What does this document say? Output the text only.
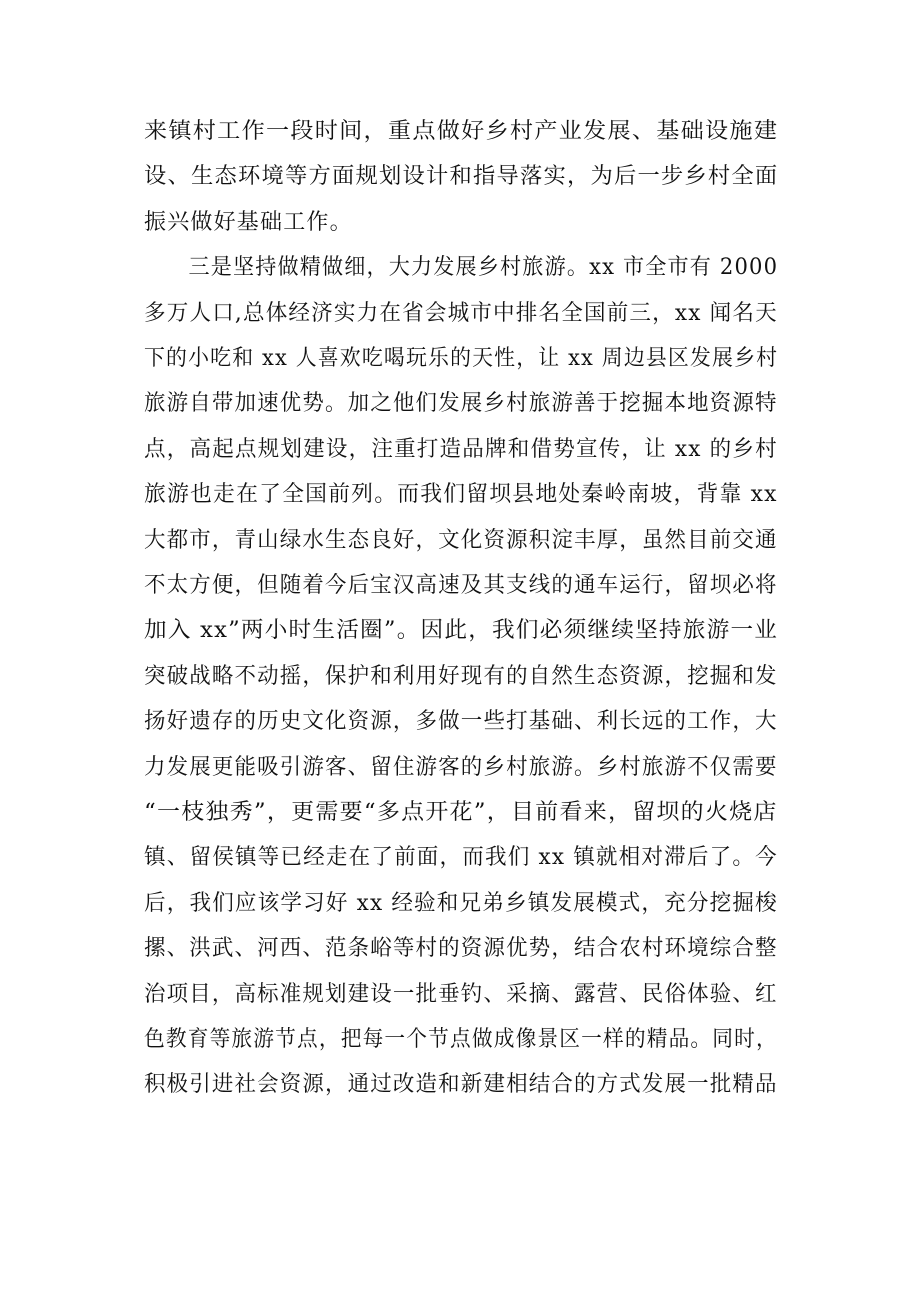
来镇村工作一段时间，重点做好乡村产业发展、基础设施建
设、生态环境等方面规划设计和指导落实，为后一步乡村全面
振兴做好基础工作。
　　三是坚持做精做细，大力发展乡村旅游。xx 市全市有 2000
多万人口,总体经济实力在省会城市中排名全国前三，xx 闻名天
下的小吃和 xx 人喜欢吃喝玩乐的天性，让 xx 周边县区发展乡村
旅游自带加速优势。加之他们发展乡村旅游善于挖掘本地资源特
点，高起点规划建设，注重打造品牌和借势宣传，让 xx 的乡村
旅游也走在了全国前列。而我们留坝县地处秦岭南坡，背靠 xx
大都市，青山绿水生态良好，文化资源积淀丰厚，虽然目前交通
不太方便，但随着今后宝汉高速及其支线的通车运行，留坝必将
加入 xx”两小时生活圈”。因此，我们必须继续坚持旅游一业
突破战略不动摇，保护和利用好现有的自然生态资源，挖掘和发
扬好遗存的历史文化资源，多做一些打基础、利长远的工作，大
力发展更能吸引游客、留住游客的乡村旅游。乡村旅游不仅需要
“一枝独秀”，更需要“多点开花”，目前看来，留坝的火烧店
镇、留侯镇等已经走在了前面，而我们 xx 镇就相对滞后了。今
后，我们应该学习好 xx 经验和兄弟乡镇发展模式，充分挖掘梭
摞、洪武、河西、范条峪等村的资源优势，结合农村环境综合整
治项目，高标准规划建设一批垂钓、采摘、露营、民俗体验、红
色教育等旅游节点，把每一个节点做成像景区一样的精品。同时，
积极引进社会资源，通过改造和新建相结合的方式发展一批精品
